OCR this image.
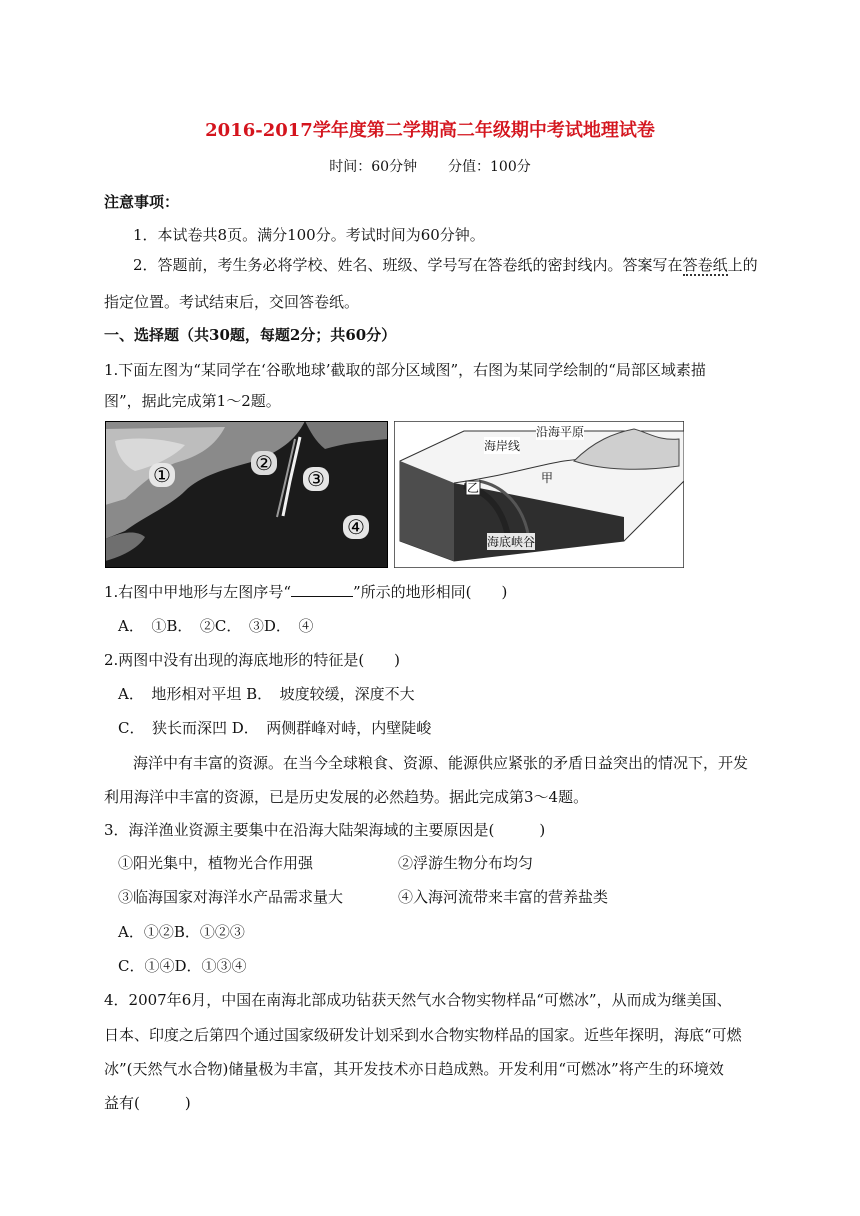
2016-2017学年度第二学期高二年级期中考试地理试卷
时间：60分钟 分值：100分
注意事项：
1．本试卷共8页。满分100分。考试时间为60分钟。
2．答题前，考生务必将学校、姓名、班级、学号写在答卷纸的密封线内。答案写在答卷纸上的
指定位置。考试结束后，交回答卷纸。
一、选择题（共30题，每题2分；共60分）
1.下面左图为“某同学在‘谷歌地球’截取的部分区域图”，右图为某同学绘制的“局部区域素描
图”，据此完成第1～2题。
①	②
③
④
海岸线
沿海平原
乙
甲
海底峡谷
1.右图中甲地形与左图序号“	”所示的地形相同(　　)
A．　①B．　②C．　③D．　④
2.两图中没有出现的海底地形的特征是(　　)
A．　地形相对平坦 B．　坡度较缓，深度不大
C．　狭长而深凹 D．　两侧群峰对峙，内壁陡峻
海洋中有丰富的资源。在当今全球粮食、资源、能源供应紧张的矛盾日益突出的情况下，开发
利用海洋中丰富的资源，已是历史发展的必然趋势。据此完成第3～4题。
3．海洋渔业资源主要集中在沿海大陆架海域的主要原因是(　　　)
①阳光集中，植物光合作用强	②浮游生物分布均匀
③临海国家对海洋水产品需求量大	④入海河流带来丰富的营养盐类
A．①②B．①②③
C．①④D．①③④
4．2007年6月，中国在南海北部成功钻获天然气水合物实物样品“可燃冰”，从而成为继美国、
日本、印度之后第四个通过国家级研发计划采到水合物实物样品的国家。近些年探明，海底“可燃
冰”(天然气水合物)储量极为丰富，其开发技术亦日趋成熟。开发利用“可燃冰”将产生的环境效
益有(　　　)
